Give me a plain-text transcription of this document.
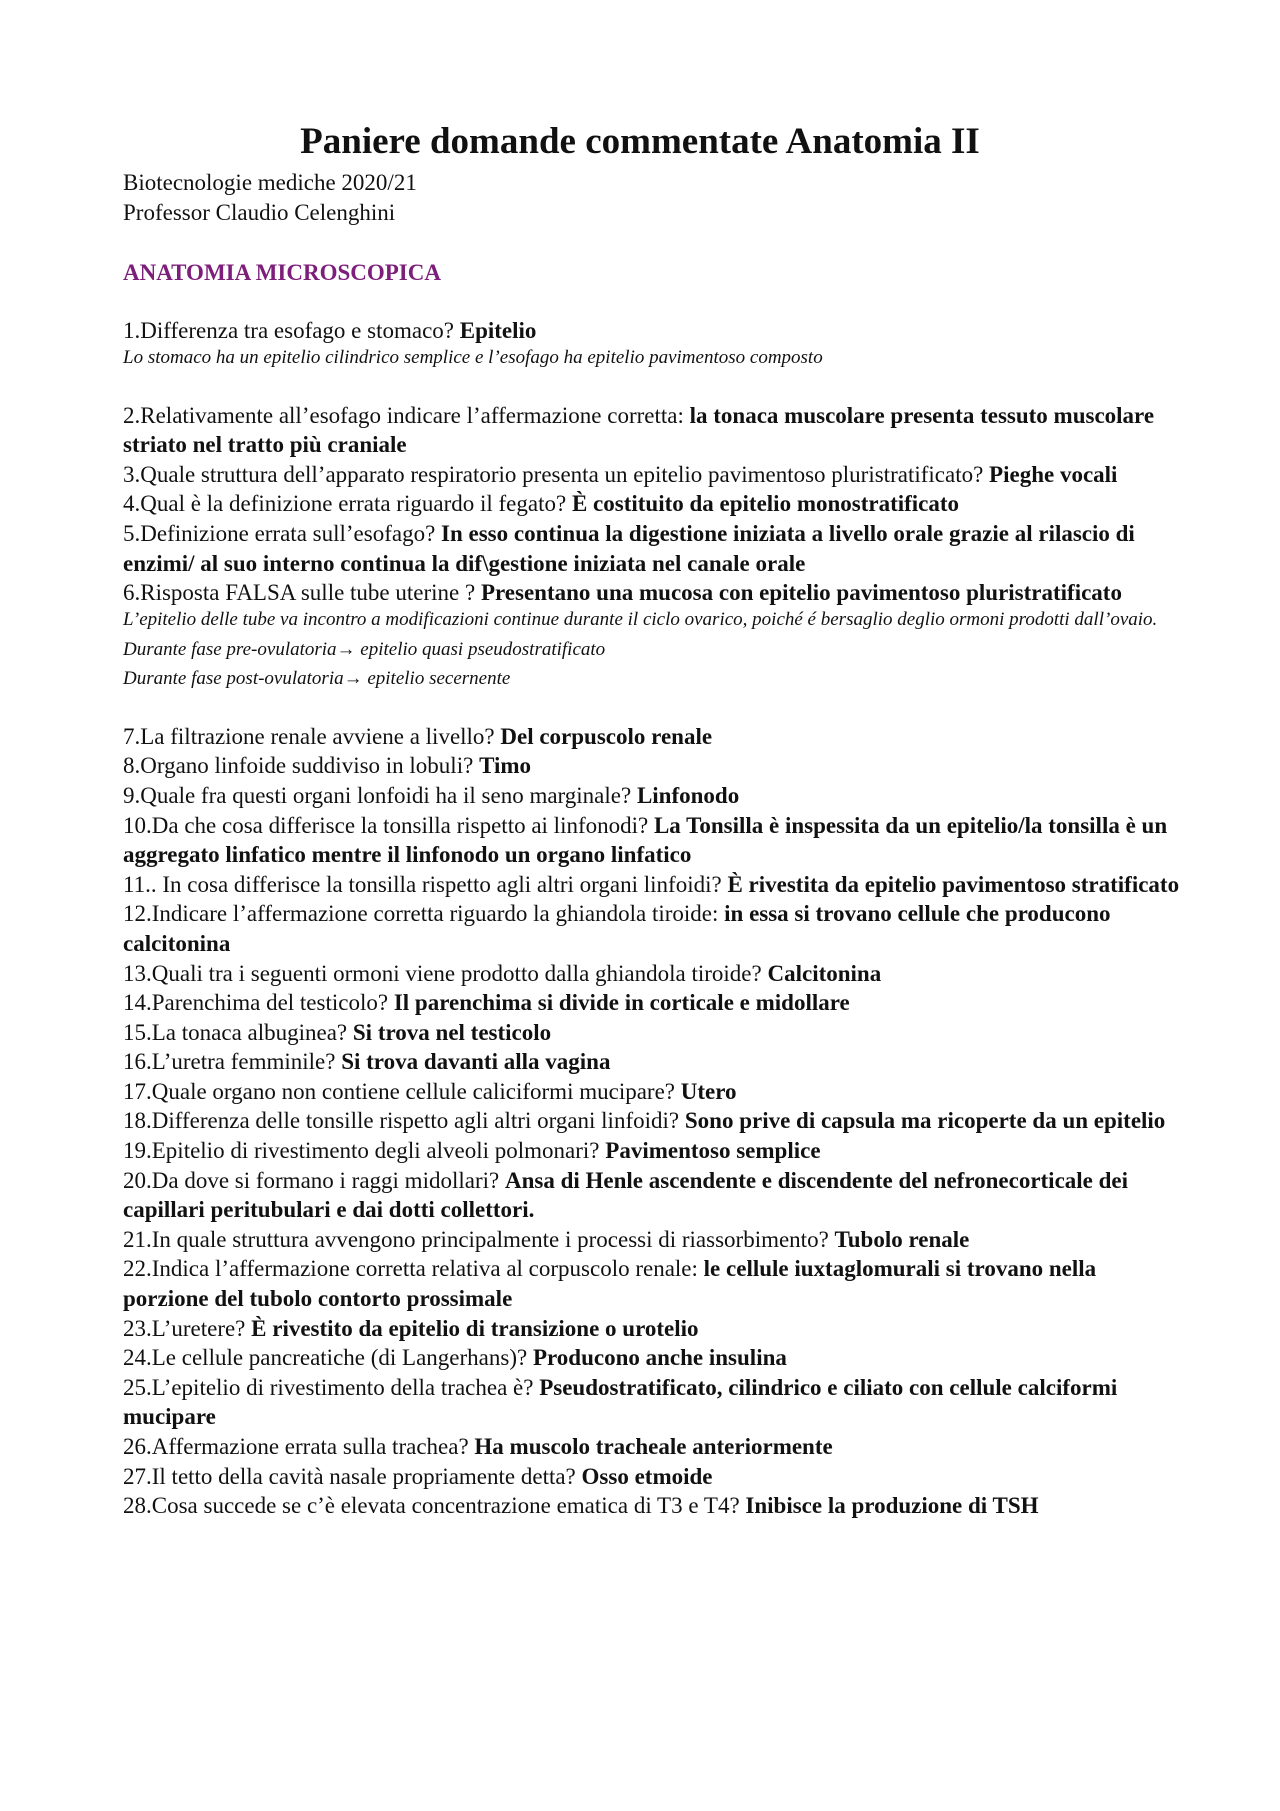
Paniere domande commentate Anatomia II
Biotecnologie mediche 2020/21
Professor Claudio Celenghini
ANATOMIA MICROSCOPICA

1.Differenza tra esofago e stomaco? Epitelio

Lo stomaco ha un epitelio cilindrico semplice e l’esofago ha epitelio pavimentoso composto

2.Relativamente all’esofago indicare l’affermazione corretta: la tonaca muscolare presenta tessuto muscolare striato nel tratto più craniale

3.Quale struttura dell’apparato respiratorio presenta un epitelio pavimentoso pluristratificato? Pieghe vocali

4.Qual è la definizione errata riguardo il fegato? È costituito da epitelio monostratificato

5.Definizione errata sull’esofago? In esso continua la digestione iniziata a livello orale grazie al rilascio di enzimi/ al suo interno continua la dif\gestione iniziata nel canale orale

6.Risposta FALSA sulle tube uterine ? Presentano una mucosa con epitelio pavimentoso pluristratificato

L’epitelio delle tube va incontro a modificazioni continue durante il ciclo ovarico, poiché é bersaglio deglio ormoni prodotti dall’ovaio.

Durante fase pre-ovulatoria→ epitelio quasi pseudostratificato

Durante fase post-ovulatoria→ epitelio secernente

7.La filtrazione renale avviene a livello? Del corpuscolo renale

8.Organo linfoide suddiviso in lobuli? Timo

9.Quale fra questi organi lonfoidi ha il seno marginale? Linfonodo

10.Da che cosa differisce la tonsilla rispetto ai linfonodi? La Tonsilla è inspessita da un epitelio/la tonsilla è un aggregato linfatico mentre il linfonodo un organo linfatico

11.. In cosa differisce la tonsilla rispetto agli altri organi linfoidi? È rivestita da epitelio pavimentoso stratificato

12.Indicare l’affermazione corretta riguardo la ghiandola tiroide: in essa si trovano cellule che producono calcitonina

13.Quali tra i seguenti ormoni viene prodotto dalla ghiandola tiroide? Calcitonina

14.Parenchima del testicolo? Il parenchima si divide in corticale e midollare

15.La tonaca albuginea? Si trova nel testicolo

16.L’uretra femminile? Si trova davanti alla vagina

17.Quale organo non contiene cellule caliciformi mucipare? Utero

18.Differenza delle tonsille rispetto agli altri organi linfoidi? Sono prive di capsula ma ricoperte da un epitelio

19.Epitelio di rivestimento degli alveoli polmonari? Pavimentoso semplice

20.Da dove si formano i raggi midollari? Ansa di Henle ascendente e discendente del nefronecorticale dei capillari peritubulari e dai dotti collettori.

21.In quale struttura avvengono principalmente i processi di riassorbimento? Tubolo renale

22.Indica l’affermazione corretta relativa al corpuscolo renale: le cellule iuxtaglomurali si trovano nella porzione del tubolo contorto prossimale

23.L’uretere? È rivestito da epitelio di transizione o urotelio

24.Le cellule pancreatiche (di Langerhans)? Producono anche insulina

25.L’epitelio di rivestimento della trachea è? Pseudostratificato, cilindrico e ciliato con cellule calciformi mucipare

26.Affermazione errata sulla trachea? Ha muscolo tracheale anteriormente

27.Il tetto della cavità nasale propriamente detta? Osso etmoide

28.Cosa succede se c’è elevata concentrazione ematica di T3 e T4? Inibisce la produzione di TSH
